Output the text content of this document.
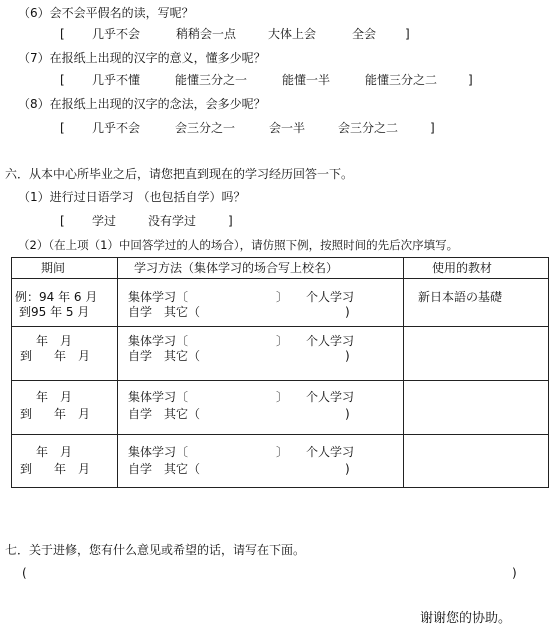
（6）会不会平假名的读，写呢？
[ 几乎不会	稍稍会一点	大体上会	全会 ]
（7）在报纸上出现的汉字的意义，懂多少呢？
[ 几乎不懂	能懂三分之一	能懂一半	能懂三分之二	]
（8）在报纸上出现的汉字的念法，会多少呢？
[ 几乎不会	会三分之一	会一半	会三分之二	]
六．从本中心所毕业之后，请您把直到现在的学习经历回答一下。
（1）进行过日语学习 （也包括自学）吗？
[ 学过	没有学过	]
（2）（在上项（1）中回答学过的人的场合），请仿照下例，按照时间的先后次序填写。
期间	学习方法（集体学习的场合写上校名）	使用的教材

例：94 年 6 月
到95 年 5 月	集体学习〔 〕 个人学习
自学　其它（ )	新日本語の基礎

年　月
到 年　月	集体学习〔 〕 个人学习
自学　其它（ )	

年　月
到 年　月	集体学习〔 〕 个人学习
自学　其它（ )	

年　月
到 年　月	集体学习〔 〕 个人学习
自学　其它（ )	

七．关于进修，您有什么意见或希望的话，请写在下面。
(	)
谢谢您的协助。
